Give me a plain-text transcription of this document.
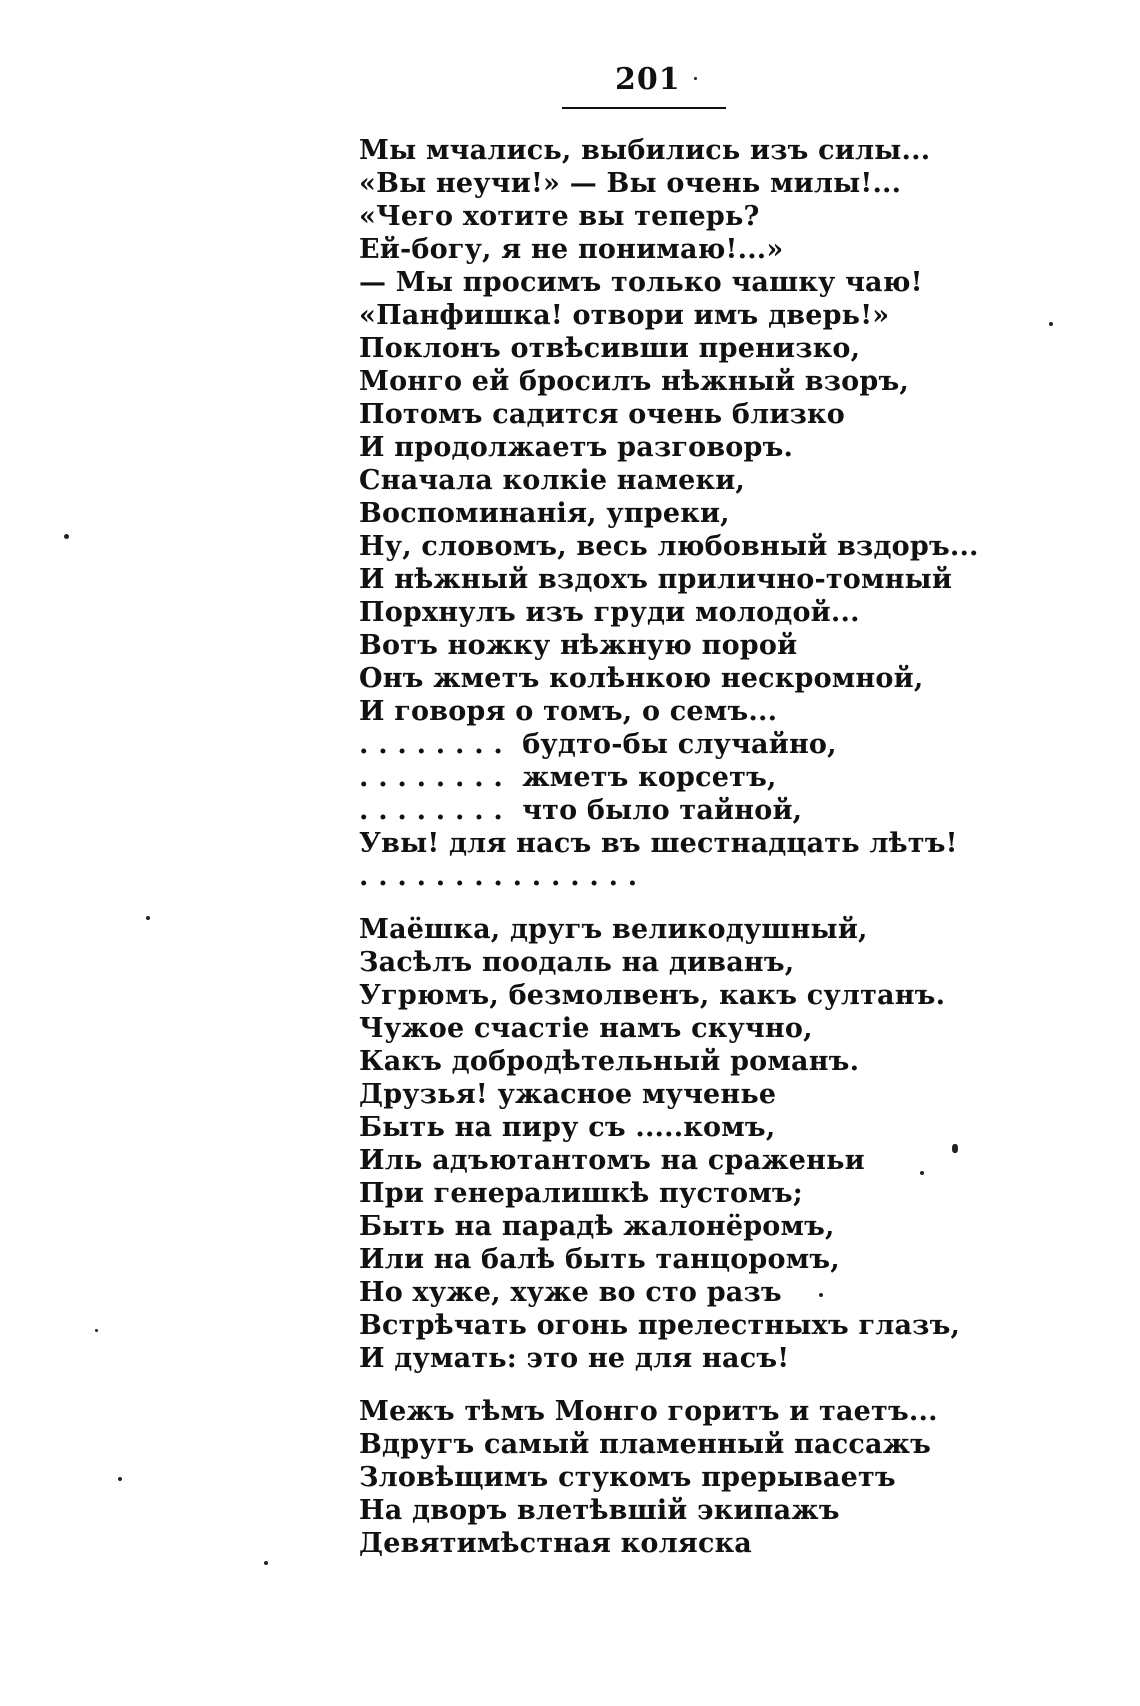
201
Мы мчались, выбились изъ силы...
«Вы неучи!» — Вы очень милы!...
«Чего хотите вы теперь?
Ей-богу, я не понимаю!...»
— Мы просимъ только чашку чаю!
«Панфишка! отвори имъ дверь!»
Поклонъ отвѣсивши пренизко,
Монго ей бросилъ нѣжный взоръ,
Потомъ садится очень близко
И продолжаетъ разговоръ.
Сначала колкіе намеки,
Воспоминанія, упреки,
Ну, словомъ, весь любовный вздоръ...
И нѣжный вздохъ прилично-томный
Порхнулъ изъ груди молодой...
Вотъ ножку нѣжную порой
Онъ жметъ колѣнкою нескромной,
И говоря о томъ, о семъ...
. . . . . . . .  будто-бы случайно,
. . . . . . . .  жметъ корсетъ,
. . . . . . . .  что было тайной,
Увы! для насъ въ шестнадцать лѣтъ!
. . . . . . . . . . . . . . .
Маёшка, другъ великодушный,
Засѣлъ поодаль на диванъ,
Угрюмъ, безмолвенъ, какъ султанъ.
Чужое счастіе намъ скучно,
Какъ добродѣтельный романъ.
Друзья! ужасное мученье
Быть на пиру съ .....комъ,
Иль адъютантомъ на сраженьи
При генералишкѣ пустомъ;
Быть на парадѣ жалонёромъ,
Или на балѣ быть танцоромъ,
Но хуже, хуже во сто разъ
Встрѣчать огонь прелестныхъ глазъ,
И думать: это не для насъ!
Межъ тѣмъ Монго горитъ и таетъ...
Вдругъ самый пламенный пассажъ
Зловѣщимъ стукомъ прерываетъ
На дворъ влетѣвшій экипажъ
Девятимѣстная коляска
